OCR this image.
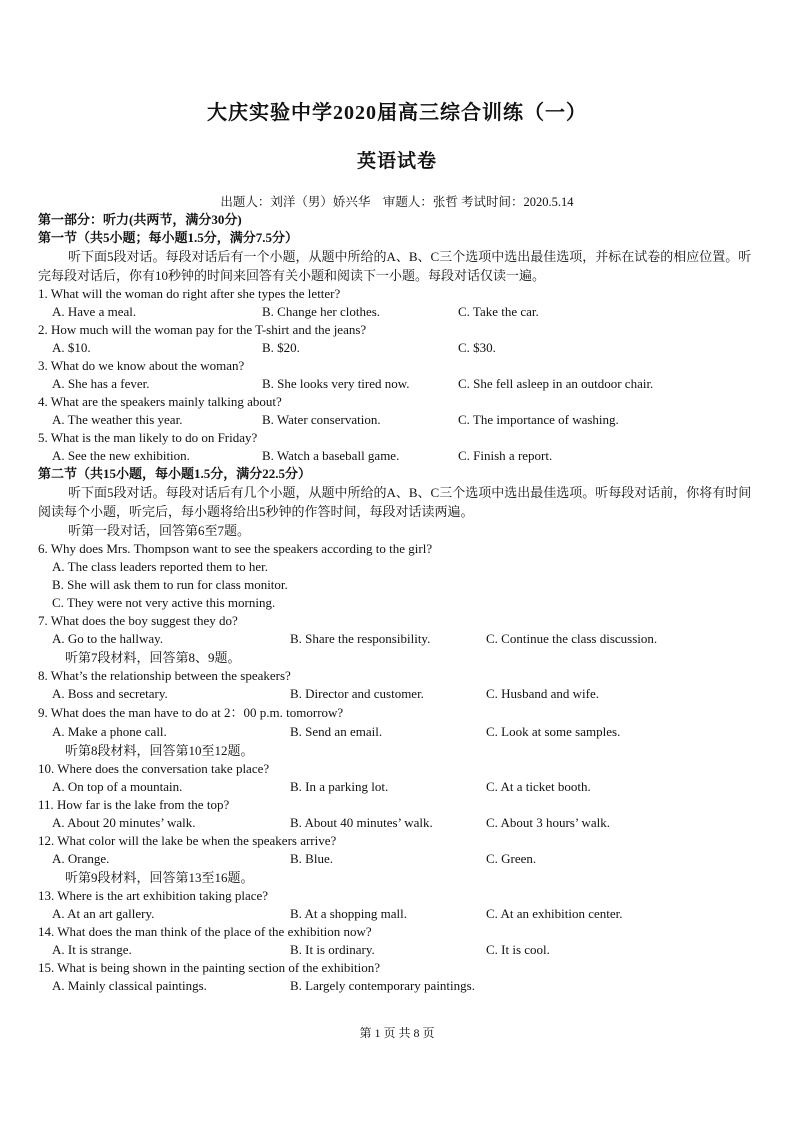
大庆实验中学2020届高三综合训练（一）
英语试卷
出题人：刘洋（男）娇兴华　审题人：张哲 考试时间：2020.5.14
第一部分：听力(共两节，满分30分)
第一节（共5小题；每小题1.5分，满分7.5分）
听下面5段对话。每段对话后有一个小题，从题中所给的A、B、C三个选项中选出最佳选项，并标在试卷的相应位置。听完每段对话后，你有10秒钟的时间来回答有关小题和阅读下一小题。每段对话仅读一遍。
1. What will the woman do right after she types the letter?
A. Have a meal.	B. Change her clothes.	C. Take the car.
2. How much will the woman pay for the T-shirt and the jeans?
A. $10.	B. $20.	C. $30.
3. What do we know about the woman?
A. She has a fever.	B. She looks very tired now.	C. She fell asleep in an outdoor chair.
4. What are the speakers mainly talking about?
A. The weather this year.	B. Water conservation.	C. The importance of washing.
5. What is the man likely to do on Friday?
A. See the new exhibition.	B. Watch a baseball game.	C. Finish a report.
第二节（共15小题，每小题1.5分，满分22.5分）
听下面5段对话。每段对话后有几个小题，从题中所给的A、B、C三个选项中选出最佳选项。听每段对话前，你将有时间阅读每个小题，听完后，每小题将给出5秒钟的作答时间，每段对话读两遍。
听第一段对话，回答第6至7题。
6. Why does Mrs. Thompson want to see the speakers according to the girl?
A. The class leaders reported them to her.
B. She will ask them to run for class monitor.
C. They were not very active this morning.
7. What does the boy suggest they do?
A. Go to the hallway.	B. Share the responsibility.	C. Continue the class discussion.
听第7段材料，回答第8、9题。
8. What’s the relationship between the speakers?
A. Boss and secretary.	B. Director and customer.	C. Husband and wife.
9. What does the man have to do at 2：00 p.m. tomorrow?
A. Make a phone call.	B. Send an email.	C. Look at some samples.
听第8段材料，回答第10至12题。
10. Where does the conversation take place?
A. On top of a mountain.	B. In a parking lot.	C. At a ticket booth.
11. How far is the lake from the top?
A. About 20 minutes’ walk.	B. About 40 minutes’ walk.	C. About 3 hours’ walk.
12. What color will the lake be when the speakers arrive?
A. Orange.	B. Blue.	C. Green.
听第9段材料，回答第13至16题。
13. Where is the art exhibition taking place?
A. At an art gallery.	B. At a shopping mall.	C. At an exhibition center.
14. What does the man think of the place of the exhibition now?
A. It is strange.	B. It is ordinary.	C. It is cool.
15. What is being shown in the painting section of the exhibition?
A. Mainly classical paintings.	B. Largely contemporary paintings.
第 1 页 共 8 页
